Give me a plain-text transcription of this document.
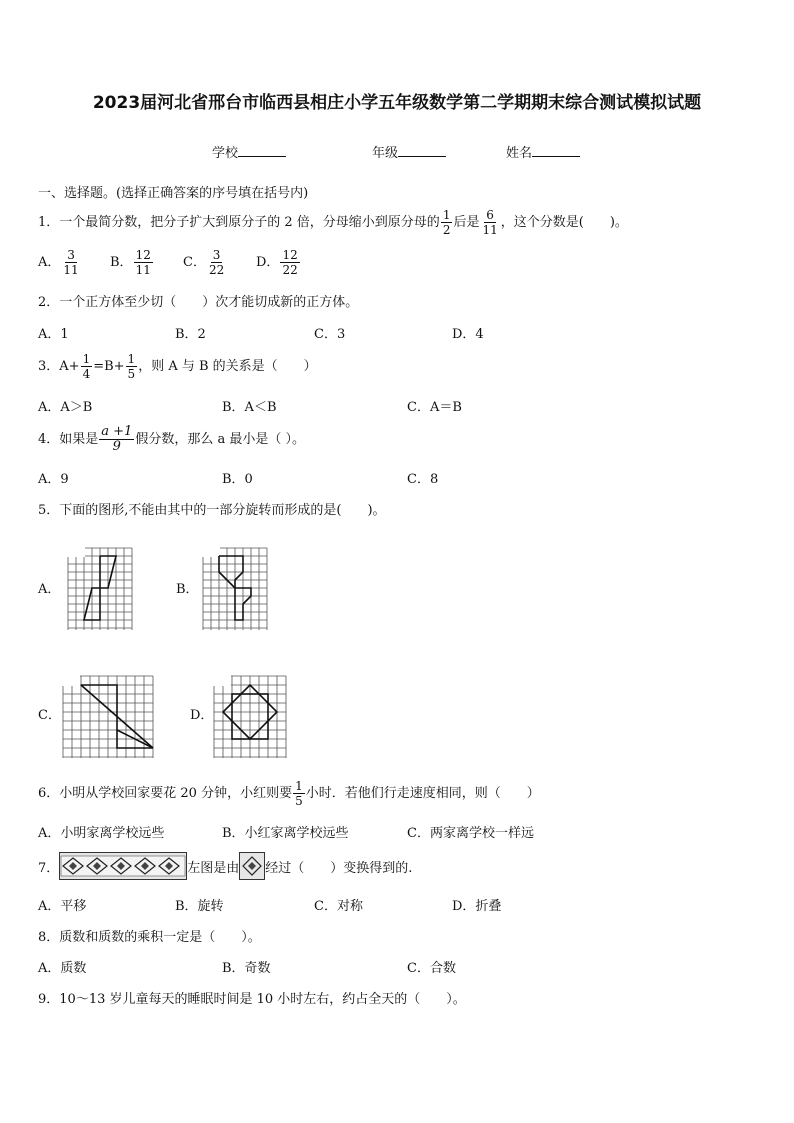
2023届河北省邢台市临西县相庄小学五年级数学第二学期期末综合测试模拟试题
学校	年级	姓名
一、选择题。(选择正确答案的序号填在括号内)
1．一个最简分数，把分子扩大到原分子的 2 倍，分母缩小到原分母的 $\frac{1}{2}$ 后是 $\frac{6}{11}$ ，这个分数是(　　)。
A． $\frac{3}{11}$ B． $\frac{12}{11}$ C． $\frac{3}{22}$ D． $\frac{12}{22}$
2．一个正方体至少切（　　）次才能切成新的正方体。
A．1	B．2	C．3	D．4
3．$A+ \frac{1}{4} =B+ \frac{1}{5}$ ，则 A 与 B 的关系是（　　）
A．A＞B	B．A＜B	C．A＝B
4．如果是 $\frac{a +1}{9}$ 假分数，那么 a 最小是（ ）。
A．9	B．0	C．8
5．下面的图形,不能由其中的一部分旋转而形成的是(　　)。
A．	B．
C．	D．
6．小明从学校回家要花 20 分钟，小红则要 $\frac{1}{5}$ 小时．若他们行走速度相同，则（　　）
A．小明家离学校远些	B．小红家离学校远些	C．两家离学校一样远
7．	左图是由 经过（　　）变换得到的.
A．平移	B．旋转	C．对称	D．折叠
8．质数和质数的乘积一定是（　　）。
A．质数	B．奇数	C．合数
9．10～13 岁儿童每天的睡眠时间是 10 小时左右，约占全天的（　　）。
